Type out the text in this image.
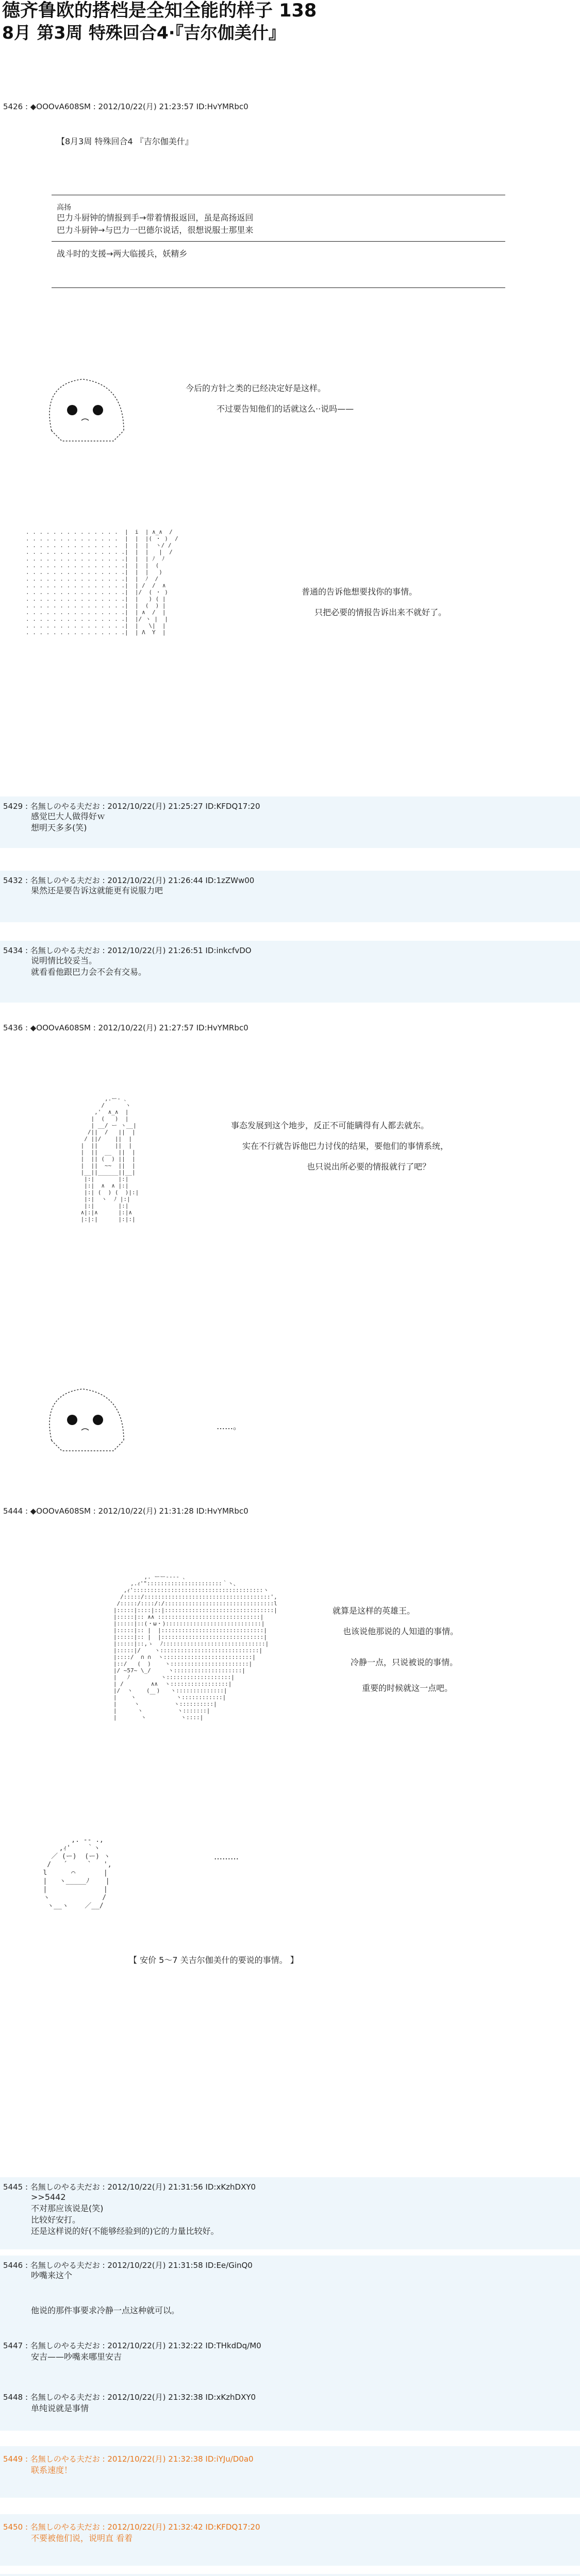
德齐鲁欧的搭档是全知全能的样子 138
8月 第3周 特殊回合4·『吉尔伽美什』
5426 : ◆OOOvA608SM : 2012/10/22(月) 21:23:57 ID:HvYMRbc0
【8月3周 特殊回合4 『吉尔伽美什』
高扬
巴力斗厨钟的情报到手→带着情报返回，虽是高扬返回
巴力斗厨钟→与巴力一巴德尔说话，很想说服士那里来
战斗时的支援→两大临援兵，妖精乡
今后的方针之类的已经决定好是这样。
不过要告知他们的话就这么··说吗——
. . . . . . . . . . . . . .  |  i  | ∧_∧  /
. . . . . . . . . . . . . .  |  |  |( ・ )  /
. . . . . . . . . . . . . .  |  |  |  ヽ/ /
. . . . . . . . . . . . . . .|  |  |   |  /
. . . . . . . . . . . . . . .|  |  | ﾉ  ﾉ
. . . . . . . . . . . . . . .|  |  |  (
. . . . . . . . . . . . . . .|  |  |   )
. . . . . . . . . . . . . . .|  |  ﾉ  /
. . . . . . . . . . . . . . .|  | /  /  ∧
. . . . . . . . . . . . . . .|  |/  ( ・ )
. . . . . . . . . . . . . . .|  |   ) ( |
. . . . . . . . . . . . . . .|  |  (  ) |
. . . . . . . . . . . . . . .|  | ∧  /  |
. . . . . . . . . . . . . . .|  |/ ヽ |  |
. . . . . . . . . . . . . . .|  |   \|  |
. . . . . . . . . . . . . . .|  | Λ  Y  |
普通的告诉他想要找你的事情。
只把必要的情报告诉出来不就好了。
5429 : 名無しのやる夫だお : 2012/10/22(月) 21:25:27 ID:KFDQ17:20
感觉巴大人做得好ｗ
想明天多多(笑)
5432 : 名無しのやる夫だお : 2012/10/22(月) 21:26:44 ID:1zZWw00
果然还是要告诉这就能更有说服力吧
5434 : 名無しのやる夫だお : 2012/10/22(月) 21:26:51 ID:inkcfvDO
说明情比较妥当。
就看看他跟巴力会不会有交易。
5436 : ◆OOOvA608SM : 2012/10/22(月) 21:27:57 ID:HvYMRbc0
,.ー‐ ､
/      ヽ
,'  ∧_∧  |
|  (   )  |
| __/ ー ヽ__|
/||  /   ||  |
/ ||/    ||  |
|  ||     ||  |
|  ||  __  ||  |
|  || (  ) ||  |
|  ||  ~~  ||  |
|__||______||__|
|:|       |:|
|:|  ∧  ∧ |:|
|:| (  ) (  )|:|
|:|  ヽ  ﾉ |:|
|:|       |:|
∧|:|∧      |:|∧
|:|:|      |:|:|
事态发展到这个地步，反正不可能瞒得有人都去就东。
实在不行就告诉他巴力讨伐的结果，要他们的事情系统，
也只说出所必要的情报就行了吧？
……。
5444 : ◆OOOvA608SM : 2012/10/22(月) 21:31:28 ID:HvYMRbc0
,. ーー‐‐‐‐ ､
,.ｨ'"::::::::::::::::::::::｀ヽ、
,ｨ'::::::::::::::::::::::::::::::::::::::ヽ
/:::::/:::::::::::::::::::::::::::::::::::::',
/:::::/::::/:/::::::::::::::::::::::::::::::::l
|:::::|::::|::|::::::::::::::::::::::::::::::::|
|:::::|:: ∧∧ ::::::::::::::::::::::::::::::|
|:::::|::(・ω・)::::::::::::::::::::::::::::|
|:::::|:: |  |::::::::::::::::::::::::::::::|
|:::::|:: |  |::::::::::::::::::::::::::::::|
|:::::|::,ゝ  ﾉ::::::::::::::::::::::::::::::|
|:::::|/    ヽ:::::::::::::::::::::::::::::|
|::::/  ∩ ∩  ヽ::::::::::::::::::::::::::|
|::/   (  )    ヽ:::::::::::::::::::::::|
|/ ~57~ \_/     ヽ::::::::::::::::::::|
|   ﾉ         ヽ:::::::::::::::::::|
| /        ∧∧  ヽ:::::::::::::::::|
|/  ヽ    (  )   ヽ::::::::::::::|
|    ヽ    ￣      ヽ::::::::::::|
|     ヽ          ヽ::::::::::|
|      ヽ          ヽ:::::::|
|       ヽ          ヽ::::|
就算是这样的英雄王。
也该说他那说的人知道的事情。
冷静一点，只说被说的事情。
重要的时候就这一点吧。
,. ‐- .,
,ｨ'    ｀ヽ
／ (ー)  (ー) ヽ
/   ´     `   ',
l      ⌒       |
|   ヽ_____ﾉ    |
|              |
ヽ             /
ヽ__ヽ    ／__/
………
【 安价 5～7 关吉尔伽美什的要说的事情。 】
5445 : 名無しのやる夫だお : 2012/10/22(月) 21:31:56 ID:xKzhDXY0
>>5442
不对那应该说是(笑)
比较好安打。
还是这样说的好(不能够经验到的)它的力量比较好。
5446 : 名無しのやる夫だお : 2012/10/22(月) 21:31:58 ID:Ee/GinQ0
吵嘴来这个
他说的那件事要求冷静一点这种就可以。
5447 : 名無しのやる夫だお : 2012/10/22(月) 21:32:22 ID:THkdDq/M0
安吉——吵嘴来哪里安吉
5448 : 名無しのやる夫だお : 2012/10/22(月) 21:32:38 ID:xKzhDXY0
单纯说就是事情
5449 : 名無しのやる夫だお : 2012/10/22(月) 21:32:38 ID:iYJu/D0a0
联系速度！
5450 : 名無しのやる夫だお : 2012/10/22(月) 21:32:42 ID:KFDQ17:20
不要被他们说，说明直 看着
